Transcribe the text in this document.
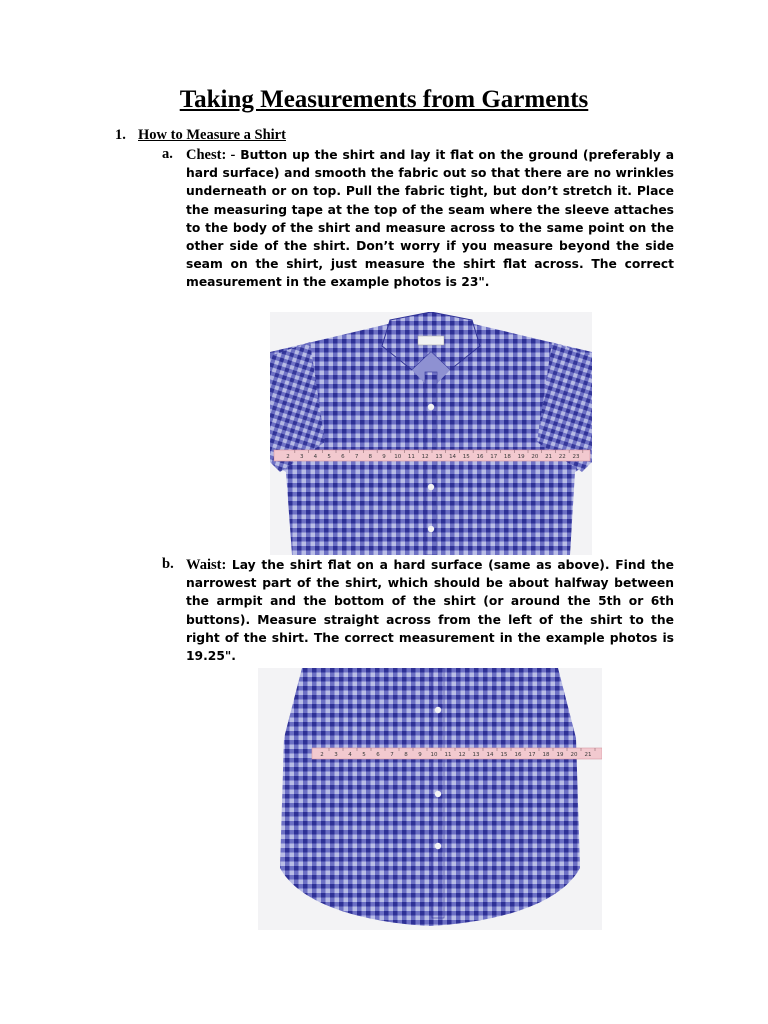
Taking Measurements from Garments
1. How to Measure a Shirt
a. Chest: - Button up the shirt and lay it flat on the ground (preferably a hard surface) and smooth the fabric out so that there are no wrinkles underneath or on top. Pull the fabric tight, but don’t stretch it. Place the measuring tape at the top of the seam where the sleeve attaches to the body of the shirt and measure across to the same point on the other side of the shirt. Don’t worry if you measure beyond the side seam on the shirt, just measure the shirt flat across. The correct measurement in the example photos is 23".

2 3 4 5 6 7 8 9 10 11 12 13 14 15 16 17 18 19 20 21 22 23
b. Waist: Lay the shirt flat on a hard surface (same as above). Find the narrowest part of the shirt, which should be about halfway between the armpit and the bottom of the shirt (or around the 5th or 6th buttons). Measure straight across from the left of the shirt to the right of the shirt. The correct measurement in the example photos is 19.25".

2 3 4 5 6 7 8 9 10 11 12 13 14 15 16 17 18 19 20 21
